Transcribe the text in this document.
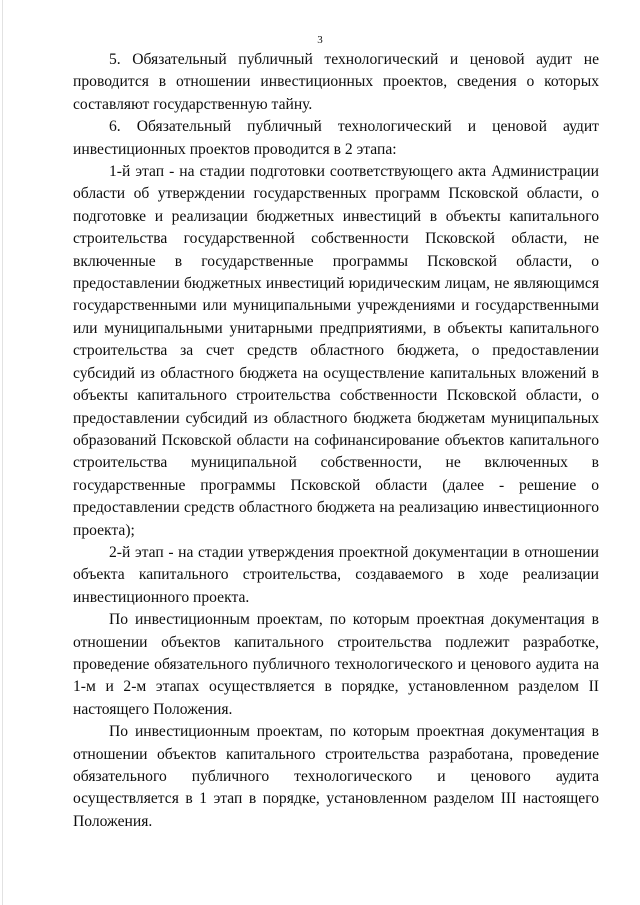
3

5. Обязательный публичный технологический и ценовой аудит не проводится в отношении инвестиционных проектов, сведения о которых составляют государственную тайну.

6. Обязательный публичный технологический и ценовой аудит инвестиционных проектов проводится в 2 этапа:

1-й этап - на стадии подготовки соответствующего акта Администрации области об утверждении государственных программ Псковской области, о подготовке и реализации бюджетных инвестиций в объекты капитального строительства государственной собственности Псковской области, не включенные в государственные программы Псковской области, о предоставлении бюджетных инвестиций юридическим лицам, не являющимся государственными или муниципальными учреждениями и государственными или муниципальными унитарными предприятиями, в объекты капитального строительства за счет средств областного бюджета, о предоставлении субсидий из областного бюджета на осуществление капитальных вложений в объекты капитального строительства собственности Псковской области, о предоставлении субсидий из областного бюджета бюджетам муниципальных образований Псковской области на софинансирование объектов капитального строительства муниципальной собственности, не включенных в государственные программы Псковской области (далее - решение о предоставлении средств областного бюджета на реализацию инвестиционного проекта);

2-й этап - на стадии утверждения проектной документации в отношении объекта капитального строительства, создаваемого в ходе реализации инвестиционного проекта.

По инвестиционным проектам, по которым проектная документация в отношении объектов капитального строительства подлежит разработке, проведение обязательного публичного технологического и ценового аудита на 1-м и 2-м этапах осуществляется в порядке, установленном разделом II настоящего Положения.

По инвестиционным проектам, по которым проектная документация в отношении объектов капитального строительства разработана, проведение обязательного публичного технологического и ценового аудита осуществляется в 1 этап в порядке, установленном разделом III настоящего Положения.
